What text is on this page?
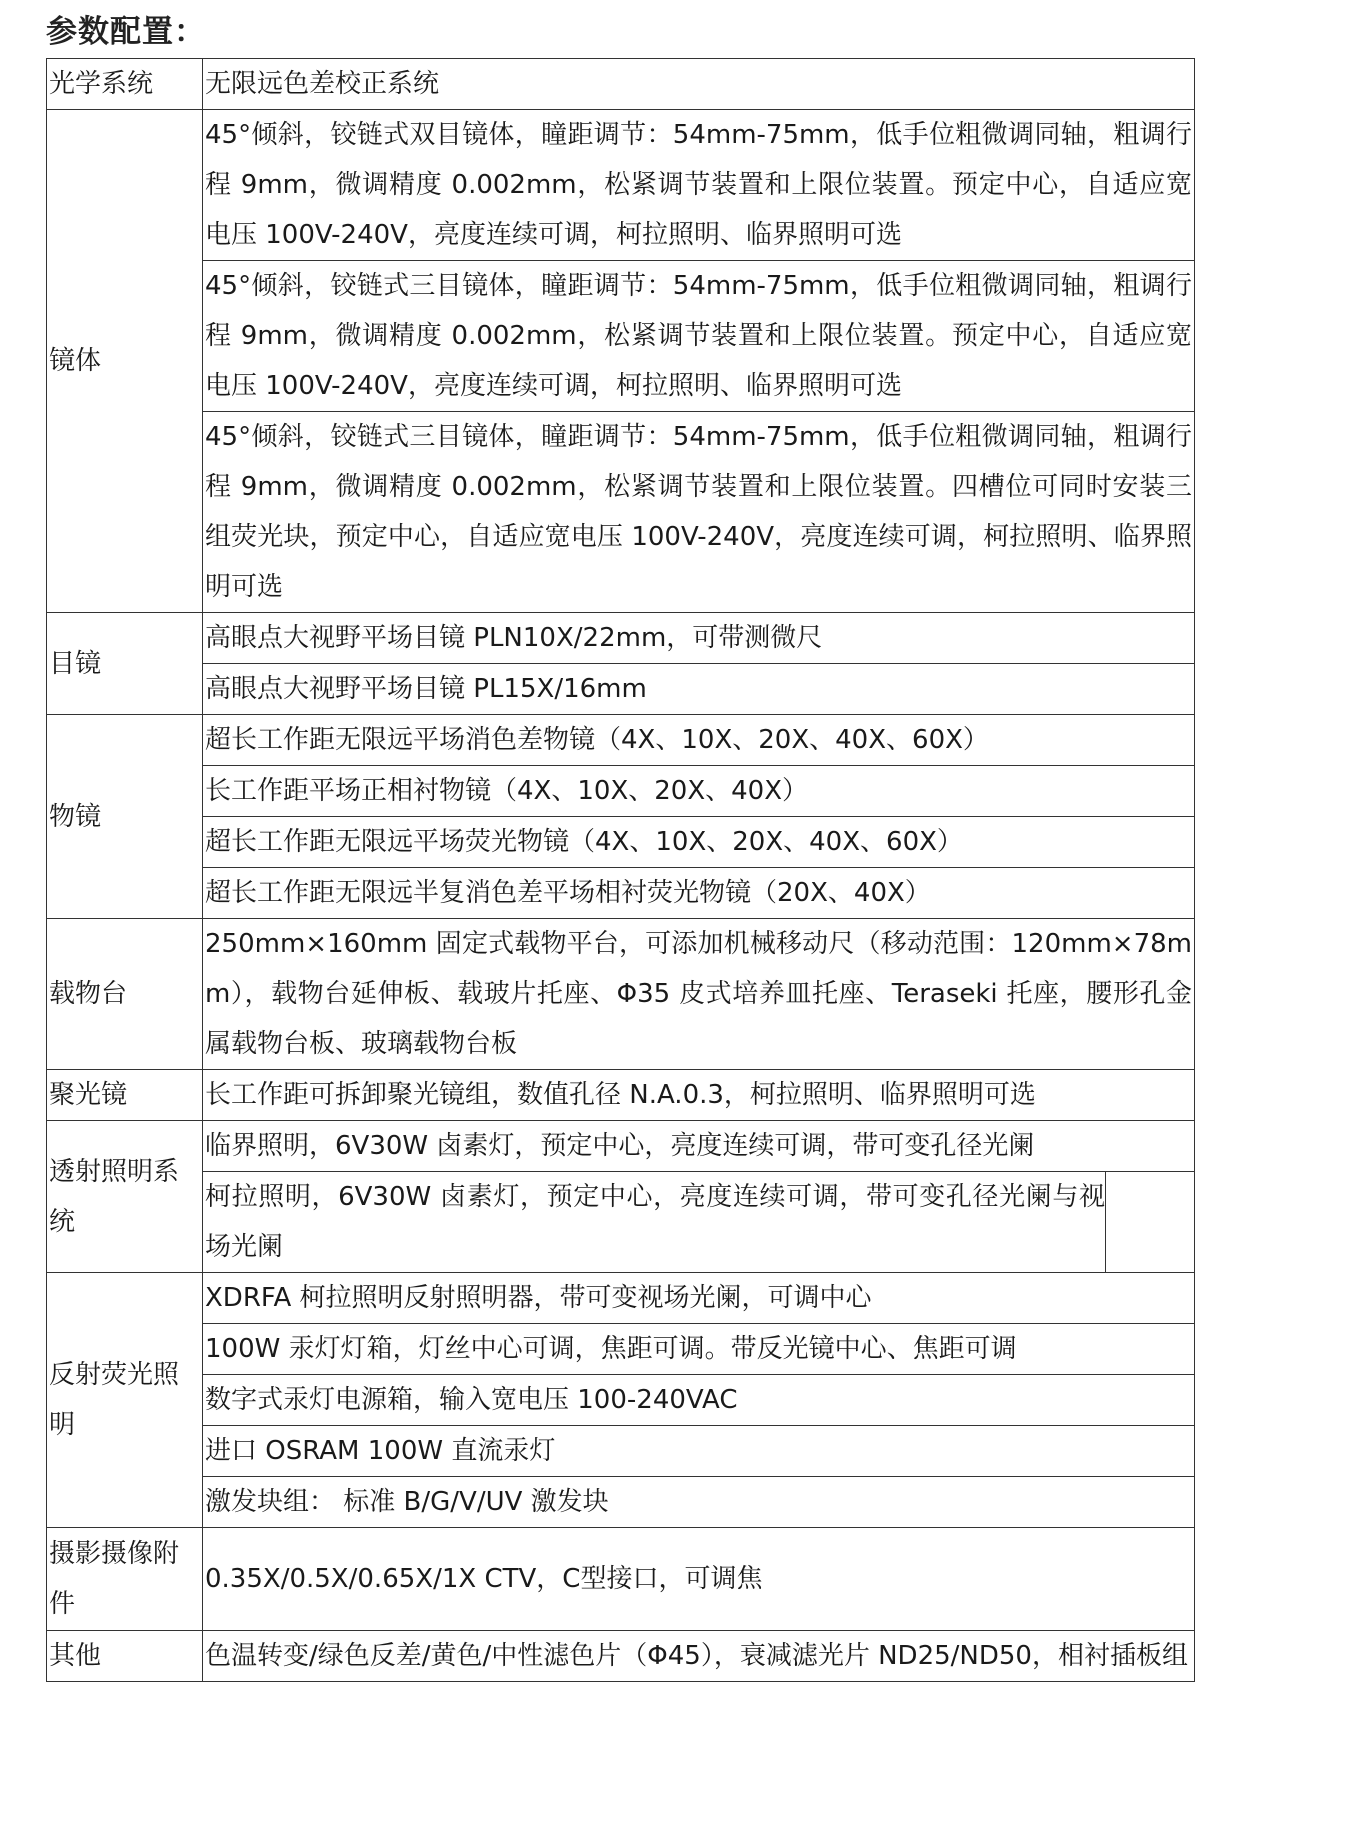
参数配置：
光学系统	无限远色差校正系统
镜体	45°倾斜，铰链式双目镜体，瞳距调节：54mm-75mm，低手位粗微调同轴，粗调行程 9mm，微调精度 0.002mm，松紧调节装置和上限位装置。预定中心，自适应宽电压 100V-240V，亮度连续可调，柯拉照明、临界照明可选
	45°倾斜，铰链式三目镜体，瞳距调节：54mm-75mm，低手位粗微调同轴，粗调行程 9mm，微调精度 0.002mm，松紧调节装置和上限位装置。预定中心，自适应宽电压 100V-240V，亮度连续可调，柯拉照明、临界照明可选
	45°倾斜，铰链式三目镜体，瞳距调节：54mm-75mm，低手位粗微调同轴，粗调行程 9mm，微调精度 0.002mm，松紧调节装置和上限位装置。四槽位可同时安装三组荧光块，预定中心，自适应宽电压 100V-240V，亮度连续可调，柯拉照明、临界照明可选
目镜	高眼点大视野平场目镜 PLN10X/22mm，可带测微尺
	高眼点大视野平场目镜 PL15X/16mm
物镜	超长工作距无限远平场消色差物镜（4X、10X、20X、40X、60X）
	长工作距平场正相衬物镜（4X、10X、20X、40X）
	超长工作距无限远平场荧光物镜（4X、10X、20X、40X、60X）
	超长工作距无限远半复消色差平场相衬荧光物镜（20X、40X）
载物台	250mm×160mm 固定式载物平台，可添加机械移动尺（移动范围：120mm×78mm），载物台延伸板、载玻片托座、Φ35 皮式培养皿托座、Teraseki 托座，腰形孔金属载物台板、玻璃载物台板
聚光镜	长工作距可拆卸聚光镜组，数值孔径 N.A.0.3，柯拉照明、临界照明可选
透射照明系统	临界照明，6V30W 卤素灯，预定中心，亮度连续可调，带可变孔径光阑

	柯拉照明，6V30W 卤素灯，预定中心，亮度连续可调，带可变孔径光阑与视场光阑

反射荧光照明	XDRFA 柯拉照明反射照明器，带可变视场光阑，可调中心
	100W 汞灯灯箱，灯丝中心可调，焦距可调。带反光镜中心、焦距可调
	数字式汞灯电源箱，输入宽电压 100-240VAC
	进口 OSRAM 100W 直流汞灯
	激发块组： 标准 B/G/V/UV 激发块
摄影摄像附件	0.35X/0.5X/0.65X/1X CTV，C型接口，可调焦
其他	色温转变/绿色反差/黄色/中性滤色片（Φ45），衰减滤光片 ND25/ND50，相衬插板组
